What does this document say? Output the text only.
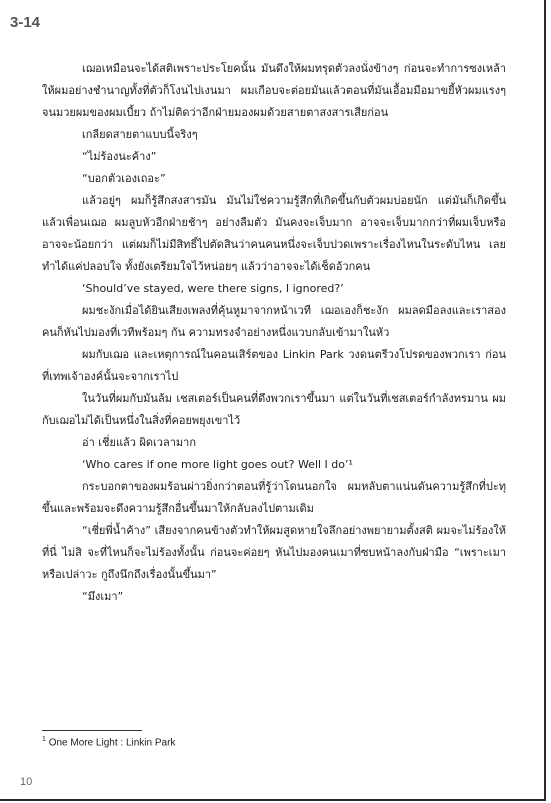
3-14

เฌอเหมือนจะได้สติเพราะประโยคนั้น มันดึงให้ผมทรุดตัวลงนั่งข้างๆ ก่อนจะทำการซงเหล้าให้ผมอย่างชำนาญทั้งที่ตัวก็โงนไปเงนมา ผมเกือบจะต่อยมันแล้วตอนที่มันเอื้อมมือมาขยี้หัวผมแรงๆ จนมวยผมของผมเบี้ยว ถ้าไม่ติดว่าอีกฝ่ายมองผมด้วยสายตาสงสารเสียก่อน

เกลียดสายตาแบบนี้จริงๆ

“ไม่ร้องนะค้าง”

“บอกตัวเองเถอะ”

แล้วอยู่ๆ ผมก็รู้สึกสงสารมัน มันไม่ใช่ความรู้สึกที่เกิดขึ้นกับตัวผมบ่อยนัก แต่มันก็เกิดขึ้นแล้วเพื่อนเฌอ ผมลูบหัวอีกฝ่ายช้าๆ อย่างลืมตัว มันคงจะเจ็บมาก อาจจะเจ็บมากกว่าที่ผมเจ็บหรืออาจจะน้อยกว่า แต่ผมก็ไม่มีสิทธิ์ไปตัดสินว่าคนคนหนึ่งจะเจ็บปวดเพราะเรื่องไหนในระดับไหน เลยทำได้แค่ปลอบใจ ทั้งยังเตรียมใจไว้หน่อยๆ แล้วว่าอาจจะได้เช็ดอ้วกคน

‘Should’ve stayed, were there signs, I ignored?’

ผมชะงักเมื่อได้ยินเสียงเพลงที่คุ้นหูมาจากหน้าเวที เฌอเองก็ชะงัก ผมลดมือลงและเราสองคนก็หันไปมองที่เวทีพร้อมๆ กัน ความทรงจำอย่างหนึ่งแวบกลับเข้ามาในหัว

ผมกับเฌอ และเหตุการณ์ในคอนเสิร์ตของ Linkin Park วงดนตรีวงโปรดของพวกเรา ก่อนที่เทพเจ้าองค์นั้นจะจากเราไป

ในวันที่ผมกับมันล้ม เชสเตอร์เป็นคนที่ดึงพวกเราขึ้นมา แต่ในวันที่เชสเตอร์กำลังทรมาน ผมกับเฌอไม่ได้เป็นหนึ่งในสิ่งที่คอยพยุงเขาไว้

อ่า เชี่ยแล้ว ผิดเวลามาก

‘Who cares if one more light goes out? Well I do’¹

กระบอกตาของผมร้อนผ่าวยิ่งกว่าตอนที่รู้ว่าโดนนอกใจ ผมหลับตาแน่นดันความรู้สึกที่ปะทุขึ้นและพร้อมจะดึงความรู้สึกอื่นขึ้นมาให้กลับลงไปตามเดิม

“เชี่ยพี่น้ำค้าง” เสียงจากคนข้างตัวทำให้ผมสูดหายใจลึกอย่างพยายามตั้งสติ ผมจะไม่ร้องให้ที่นี่ ไม่สิ จะที่ไหนก็จะไม่ร้องทั้งนั้น ก่อนจะค่อยๆ หันไปมองคนเมาที่ซบหน้าลงกับฝ่ามือ “เพราะเมาหรือเปล่าวะ กูถึงนึกถึงเรื่องนั้นขึ้นมา”

“มึงเมา”

$^1$ One More Light : Linkin Park
10
